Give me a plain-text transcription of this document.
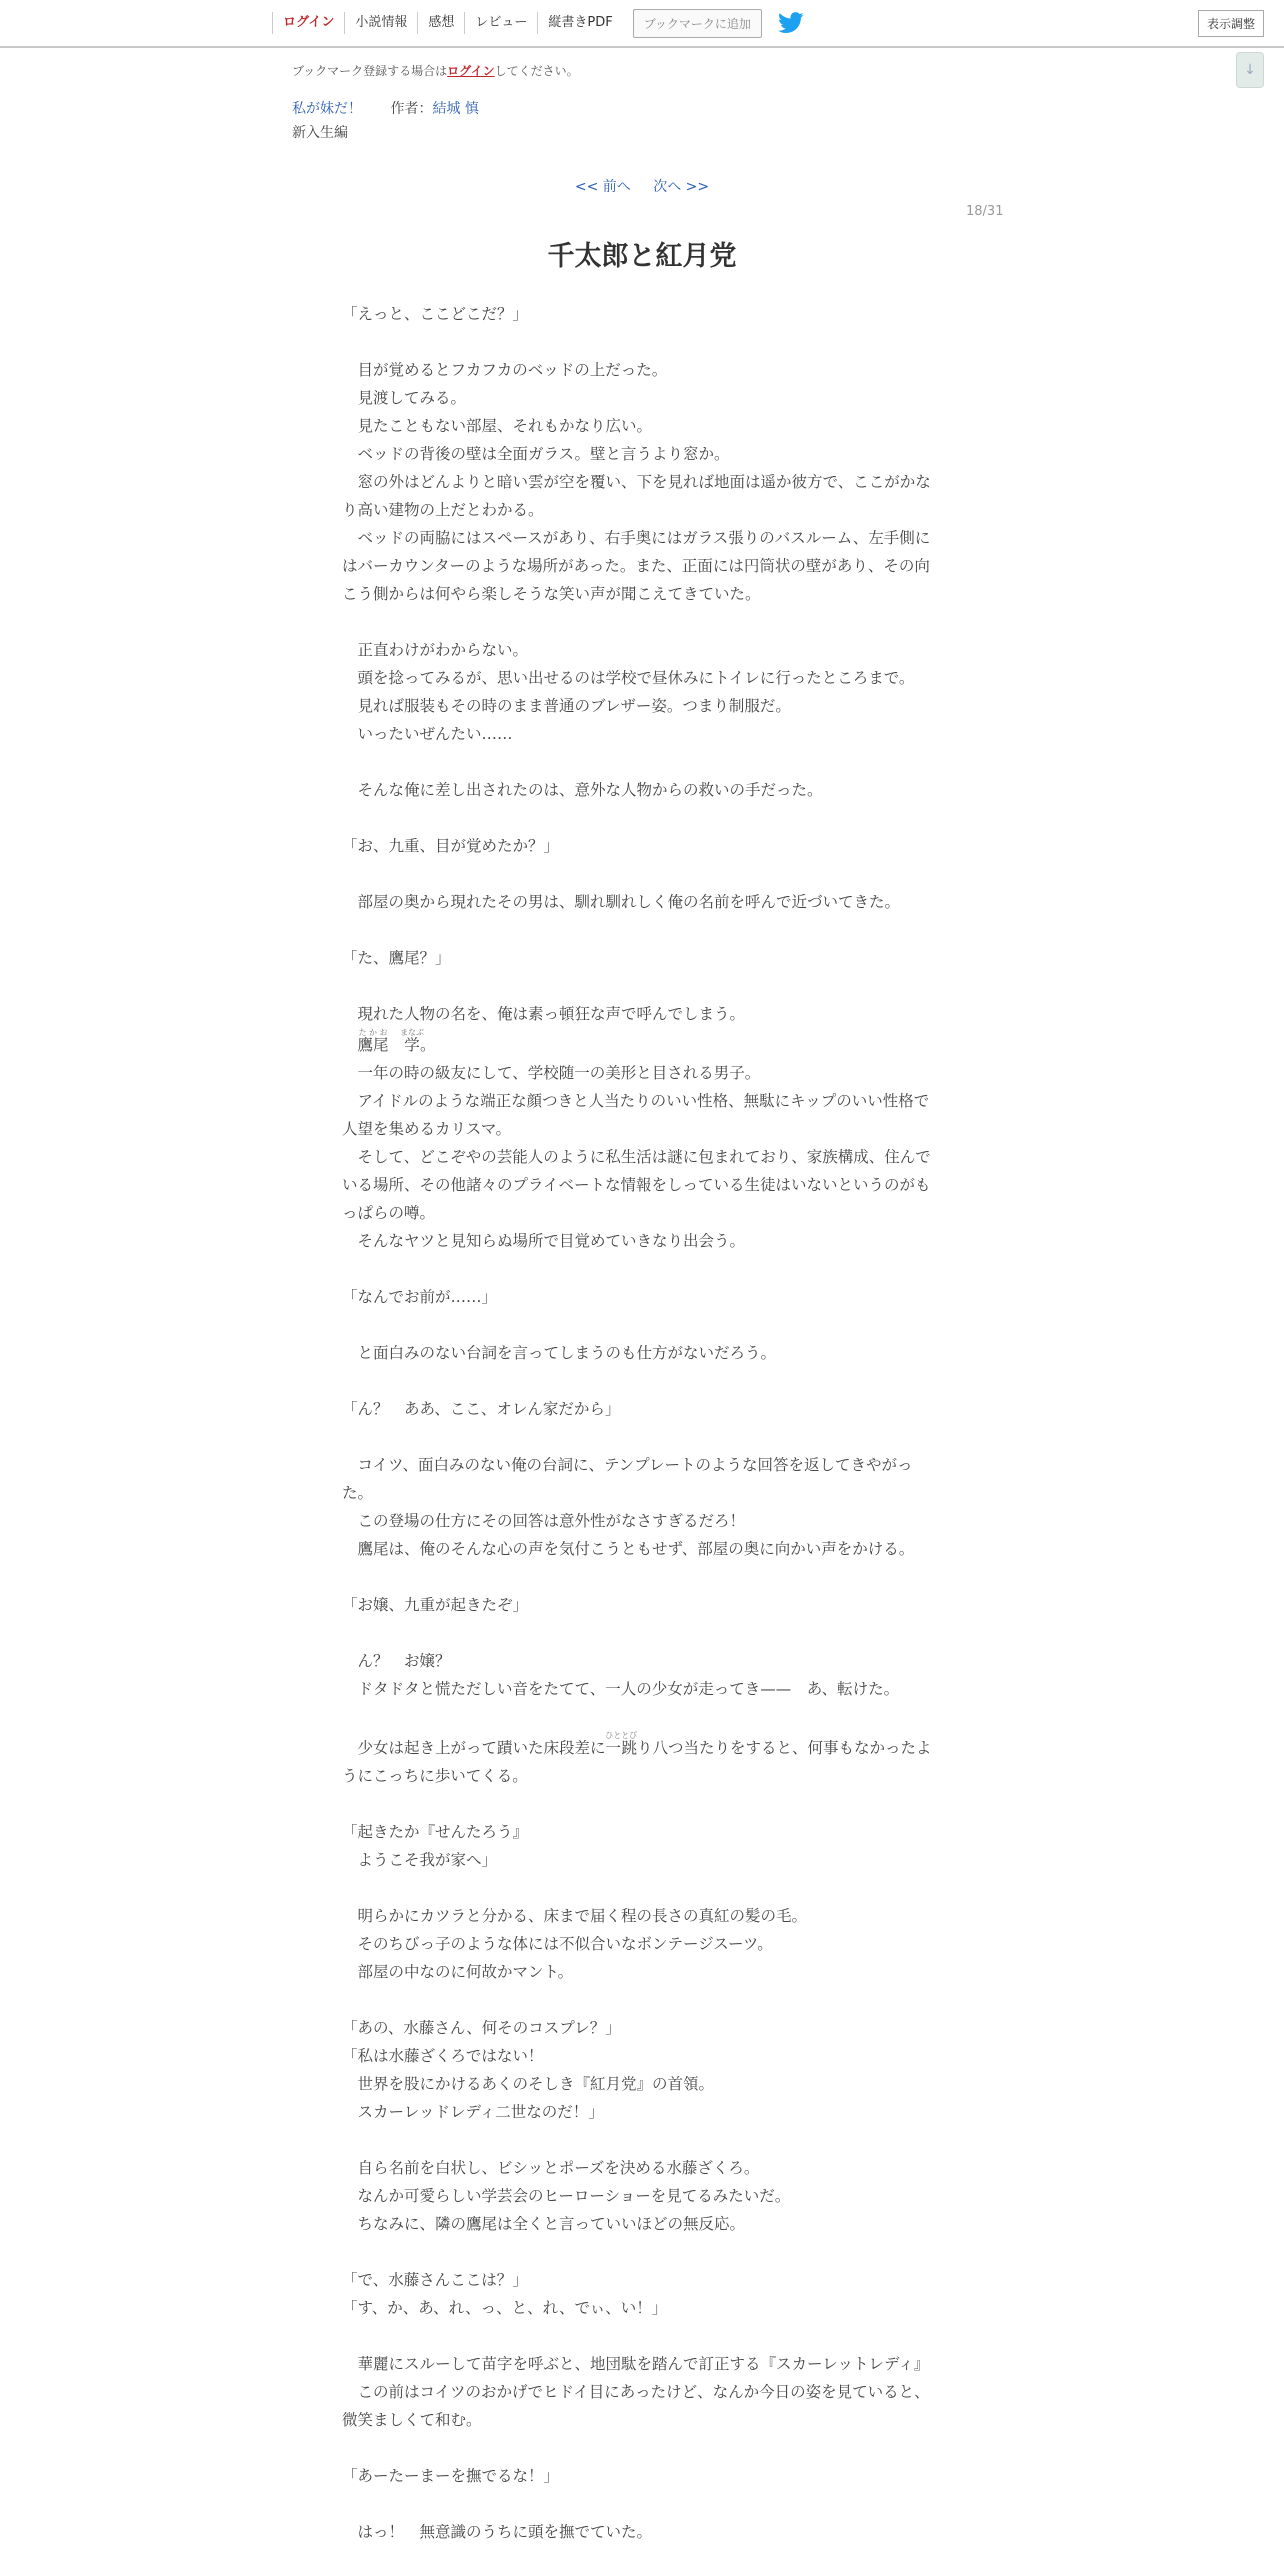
ログイン	小説情報	感想	レビュー	縦書きPDF	ブックマークに追加	表示調整
↓
ブックマーク登録する場合はログインしてください。
私が妹だ！ 作者：結城 慎
新入生編
<< 前へ 次へ >>
18/31
千太郎と紅月党

「えっと、ここどこだ？」

　目が覚めるとフカフカのベッドの上だった。

　見渡してみる。

　見たこともない部屋、それもかなり広い。

　ベッドの背後の壁は全面ガラス。壁と言うより窓か。

　窓の外はどんよりと暗い雲が空を覆い、下を見れば地面は遥か彼方で、ここがかなり高い建物の上だとわかる。

　ベッドの両脇にはスペースがあり、右手奥にはガラス張りのバスルーム、左手側にはバーカウンターのような場所があった。また、正面には円筒状の壁があり、その向こう側からは何やら楽しそうな笑い声が聞こえてきていた。

　正直わけがわからない。

　頭を捻ってみるが、思い出せるのは学校で昼休みにトイレに行ったところまで。

　見れば服装もその時のまま普通のブレザー姿。つまり制服だ。

　いったいぜんたい……

　そんな俺に差し出されたのは、意外な人物からの救いの手だった。

「お、九重、目が覚めたか？」

　部屋の奥から現れたその男は、馴れ馴れしく俺の名前を呼んで近づいてきた。

「た、鷹尾？」

　現れた人物の名を、俺は素っ頓狂な声で呼んでしまう。

　鷹尾たかお　学まなぶ。

　一年の時の級友にして、学校随一の美形と目される男子。

　アイドルのような端正な顔つきと人当たりのいい性格、無駄にキップのいい性格で人望を集めるカリスマ。

　そして、どこぞやの芸能人のように私生活は謎に包まれており、家族構成、住んでいる場所、その他諸々のプライベートな情報をしっている生徒はいないというのがもっぱらの噂。

　そんなヤツと見知らぬ場所で目覚めていきなり出会う。

「なんでお前が……」

　と面白みのない台詞を言ってしまうのも仕方がないだろう。

「ん？　ああ、ここ、オレん家だから」

　コイツ、面白みのない俺の台詞に、テンプレートのような回答を返してきやがった。

　この登場の仕方にその回答は意外性がなさすぎるだろ！

　鷹尾は、俺のそんな心の声を気付こうともせず、部屋の奥に向かい声をかける。

「お嬢、九重が起きたぞ」

　ん？　お嬢？

　ドタドタと慌ただしい音をたてて、一人の少女が走ってき——　あ、転けた。

　少女は起き上がって蹟いた床段差に一跳ひととびり八つ当たりをすると、何事もなかったようにこっちに歩いてくる。

「起きたか『せんたろう』

　ようこそ我が家へ」

　明らかにカツラと分かる、床まで届く程の長さの真紅の髪の毛。

　そのちびっ子のような体には不似合いなボンテージスーツ。

　部屋の中なのに何故かマント。

「あの、水藤さん、何そのコスプレ？」

「私は水藤ざくろではない！

　世界を股にかけるあくのそしき『紅月党』の首領。

　スカーレッドレディ二世なのだ！」

　自ら名前を白状し、ビシッとポーズを決める水藤ざくろ。

　なんか可愛らしい学芸会のヒーローショーを見てるみたいだ。

　ちなみに、隣の鷹尾は全くと言っていいほどの無反応。

「で、水藤さんここは？」

「す、か、あ、れ、っ、と、れ、でぃ、い！」

　華麗にスルーして苗字を呼ぶと、地団駄を踏んで訂正する『スカーレットレディ』

　この前はコイツのおかげでヒドイ目にあったけど、なんか今日の姿を見ていると、微笑ましくて和む。

「あーたーまーを撫でるな！」

　はっ！　無意識のうちに頭を撫でていた。
